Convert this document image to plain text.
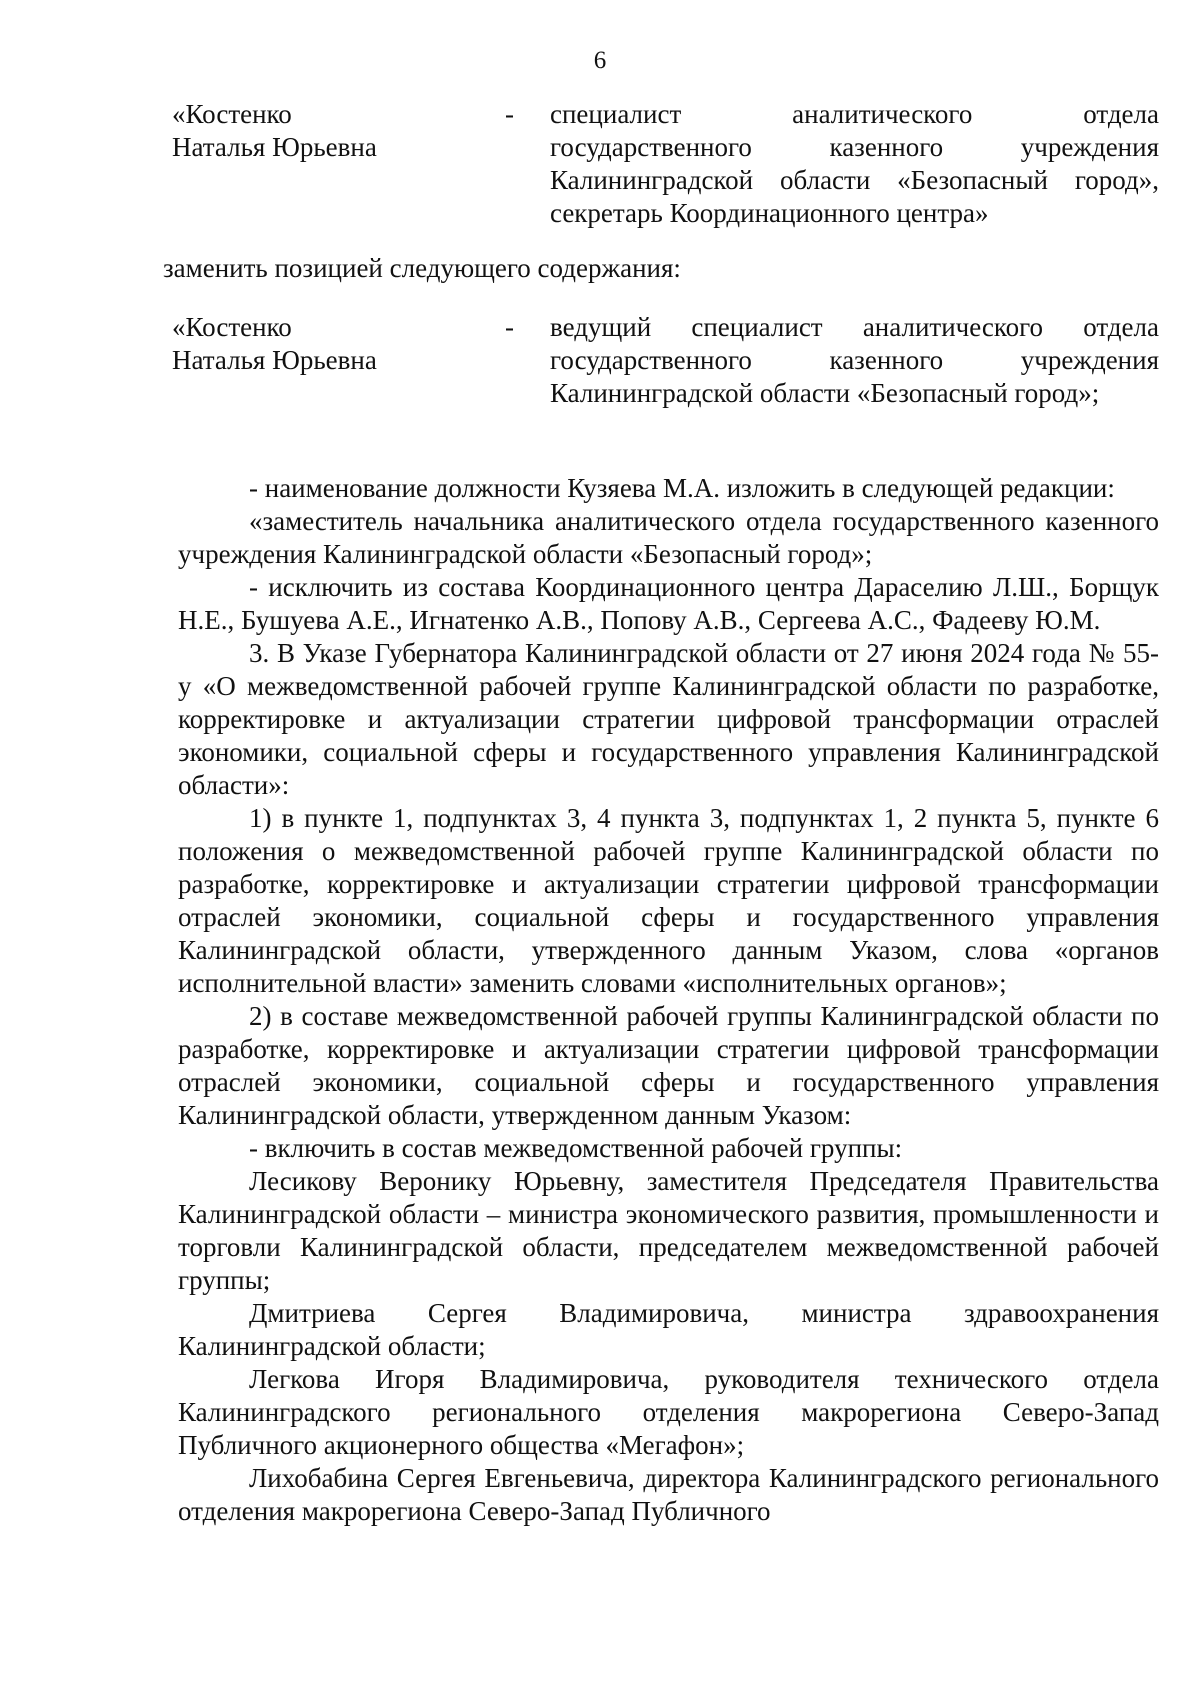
6
«Костенко
Наталья Юрьевна
- специалист аналитического отдела
государственного казенного учреждения
Калининградской области «Безопасный город»,
секретарь Координационного центра»
заменить позицией следующего содержания:
«Костенко
Наталья Юрьевна
- ведущий специалист аналитического отдела
государственного казенного учреждения
Калининградской области «Безопасный город»;

- наименование должности Кузяева М.А. изложить в следующей редакции:

«заместитель начальника аналитического отдела государственного казенного учреждения Калининградской области «Безопасный город»;

- исключить из состава Координационного центра Дараселию Л.Ш., Борщук Н.Е., Бушуева А.Е., Игнатенко А.В., Попову А.В., Сергеева А.С., Фадееву Ю.М.

3. В Указе Губернатора Калининградской области от 27 июня 2024 года № 55-у «О межведомственной рабочей группе Калининградской области по разработке, корректировке и актуализации стратегии цифровой трансформации отраслей экономики, социальной сферы и государственного управления Калининградской области»:

1) в пункте 1, подпунктах 3, 4 пункта 3, подпунктах 1, 2 пункта 5, пункте 6 положения о межведомственной рабочей группе Калининградской области по разработке, корректировке и актуализации стратегии цифровой трансформации отраслей экономики, социальной сферы и государственного управления Калининградской области, утвержденного данным Указом, слова «органов исполнительной власти» заменить словами «исполнительных органов»;

2) в составе межведомственной рабочей группы Калининградской области по разработке, корректировке и актуализации стратегии цифровой трансформации отраслей экономики, социальной сферы и государственного управления Калининградской области, утвержденном данным Указом:

- включить в состав межведомственной рабочей группы:

Лесикову Веронику Юрьевну, заместителя Председателя Правительства Калининградской области – министра экономического развития, промышленности и торговли Калининградской области, председателем межведомственной рабочей группы;

Дмитриева Сергея Владимировича, министра здравоохранения Калининградской области;

Легкова Игоря Владимировича, руководителя технического отдела Калининградского регионального отделения макрорегиона Северо-Запад Публичного акционерного общества «Мегафон»;

Лихобабина Сергея Евгеньевича, директора Калининградского регионального отделения макрорегиона Северо-Запад Публичного
